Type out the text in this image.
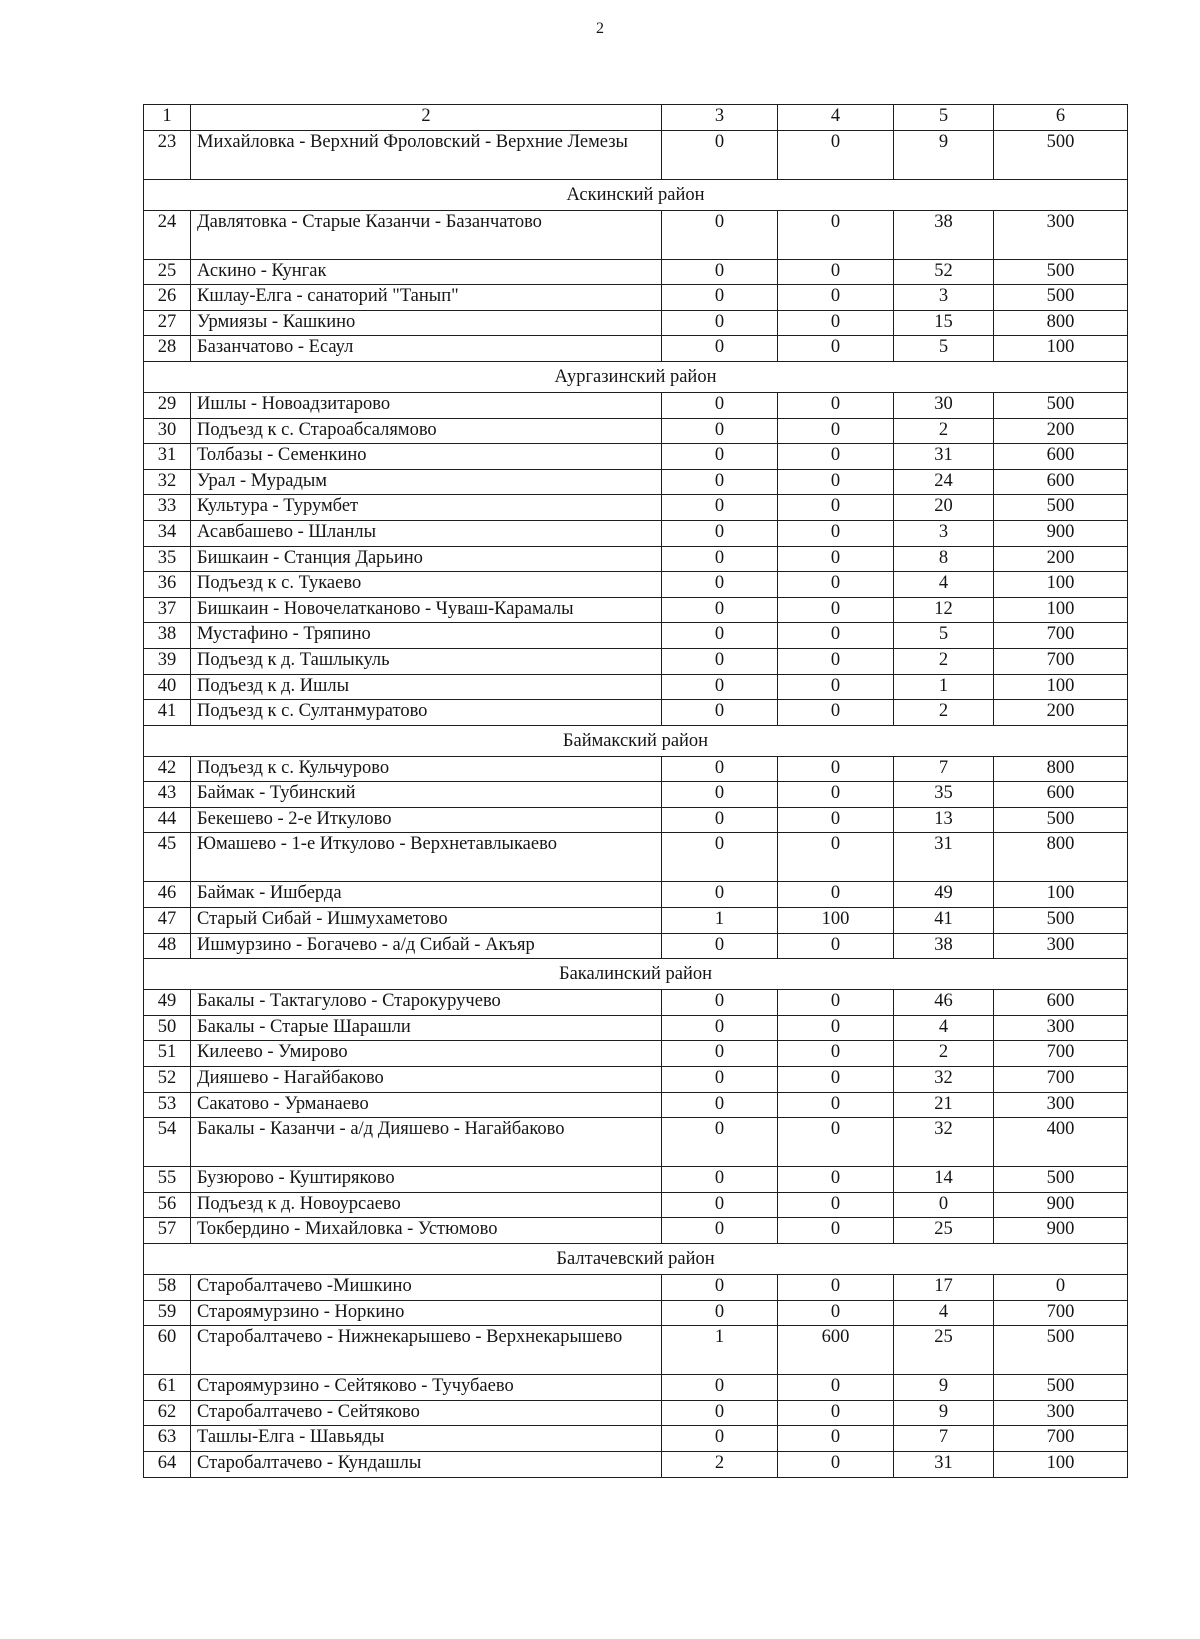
2
1	2	3	4	5	6
23	Михайловка - Верхний Фроловский - Верхние Лемезы	0	0	9	500
Аскинский район					
24	Давлятовка - Старые Казанчи - Базанчатово	0	0	38	300
25	Аскино - Кунгак	0	0	52	500
26	Кшлау-Елга - санаторий "Танып"	0	0	3	500
27	Урмиязы - Кашкино	0	0	15	800
28	Базанчатово - Есаул	0	0	5	100
Аургазинский район					
29	Ишлы - Новоадзитарово	0	0	30	500
30	Подъезд к с. Староабсалямово	0	0	2	200
31	Толбазы - Семенкино	0	0	31	600
32	Урал - Мурадым	0	0	24	600
33	Культура - Турумбет	0	0	20	500
34	Асавбашево - Шланлы	0	0	3	900
35	Бишкаин - Станция Дарьино	0	0	8	200
36	Подъезд к с. Тукаево	0	0	4	100
37	Бишкаин - Новочелатканово - Чуваш-Карамалы	0	0	12	100
38	Мустафино - Тряпино	0	0	5	700
39	Подъезд к д. Ташлыкуль	0	0	2	700
40	Подъезд к д. Ишлы	0	0	1	100
41	Подъезд к с. Султанмуратово	0	0	2	200
Баймакский район					
42	Подъезд к с. Кульчурово	0	0	7	800
43	Баймак - Тубинский	0	0	35	600
44	Бекешево - 2-е Иткулово	0	0	13	500
45	Юмашево - 1-е Иткулово - Верхнетавлыкаево	0	0	31	800
46	Баймак - Ишберда	0	0	49	100
47	Старый Сибай - Ишмухаметово	1	100	41	500
48	Ишмурзино - Богачево - а/д Сибай - Акъяр	0	0	38	300
Бакалинский район					
49	Бакалы - Тактагулово - Старокуручево	0	0	46	600
50	Бакалы - Старые Шарашли	0	0	4	300
51	Килеево - Умирово	0	0	2	700
52	Дияшево - Нагайбаково	0	0	32	700
53	Сакатово - Урманаево	0	0	21	300
54	Бакалы - Казанчи - а/д Дияшево - Нагайбаково	0	0	32	400
55	Бузюрово - Куштиряково	0	0	14	500
56	Подъезд к д. Новоурсаево	0	0	0	900
57	Токбердино - Михайловка - Устюмово	0	0	25	900
Балтачевский район					
58	Старобалтачево -Мишкино	0	0	17	0
59	Староямурзино - Норкино	0	0	4	700
60	Старобалтачево - Нижнекарышево - Верхнекарышево	1	600	25	500
61	Староямурзино - Сейтяково - Тучубаево	0	0	9	500
62	Старобалтачево - Сейтяково	0	0	9	300
63	Ташлы-Елга - Шавьяды	0	0	7	700
64	Старобалтачево - Кундашлы	2	0	31	100
